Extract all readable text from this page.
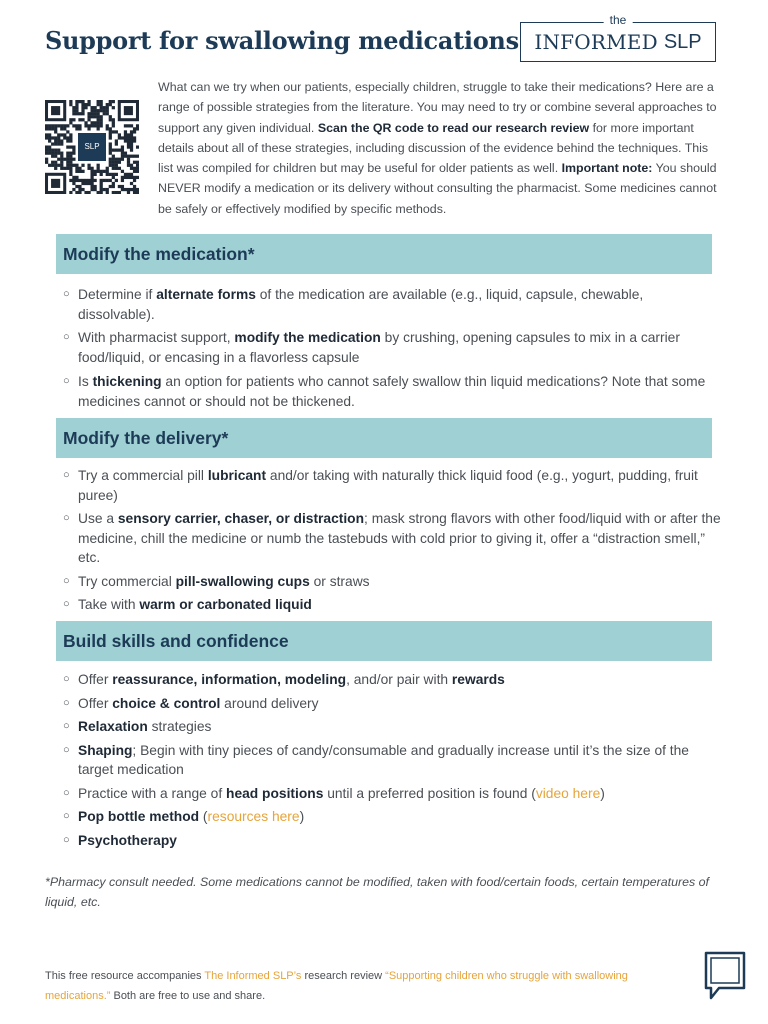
Support for swallowing medications
the
INFORMED SLP
SLP

What can we try when our patients, especially children, struggle to take their medications? Here are a range of possible strategies from the literature. You may need to try or combine several approaches to support any given individual. Scan the QR code to read our research review for more important details about all of these strategies, including discussion of the evidence behind the techniques. This list was compiled for children but may be useful for older patients as well. Important note: You should NEVER modify a medication or its delivery without consulting the pharmacist. Some medicines cannot be safely or effectively modified by specific methods.

Modify the medication*
○ Determine if alternate forms of the medication are available (e.g., liquid, capsule, chewable, dissolvable).
○ With pharmacist support, modify the medication by crushing, opening capsules to mix in a carrier food/liquid, or encasing in a flavorless capsule
○ Is thickening an option for patients who cannot safely swallow thin liquid medications? Note that some medicines cannot or should not be thickened.
Modify the delivery*
○ Try a commercial pill lubricant and/or taking with naturally thick liquid food (e.g., yogurt, pudding, fruit puree)
○ Use a sensory carrier, chaser, or distraction; mask strong flavors with other food/liquid with or after the medicine, chill the medicine or numb the tastebuds with cold prior to giving it, offer a “distraction smell,” etc.
○ Try commercial pill-swallowing cups or straws
○ Take with warm or carbonated liquid
Build skills and confidence
○ Offer reassurance, information, modeling, and/or pair with rewards
○ Offer choice & control around delivery
○ Relaxation strategies
○ Shaping; Begin with tiny pieces of candy/consumable and gradually increase until it’s the size of the target medication
○ Practice with a range of head positions until a preferred position is found (video here)
○ Pop bottle method (resources here)
○ Psychotherapy

*Pharmacy consult needed. Some medications cannot be modified, taken with food/certain foods, certain temperatures of liquid, etc.

This free resource accompanies The Informed SLP’s research review “Supporting children who struggle with swallowing medications.” Both are free to use and share.
